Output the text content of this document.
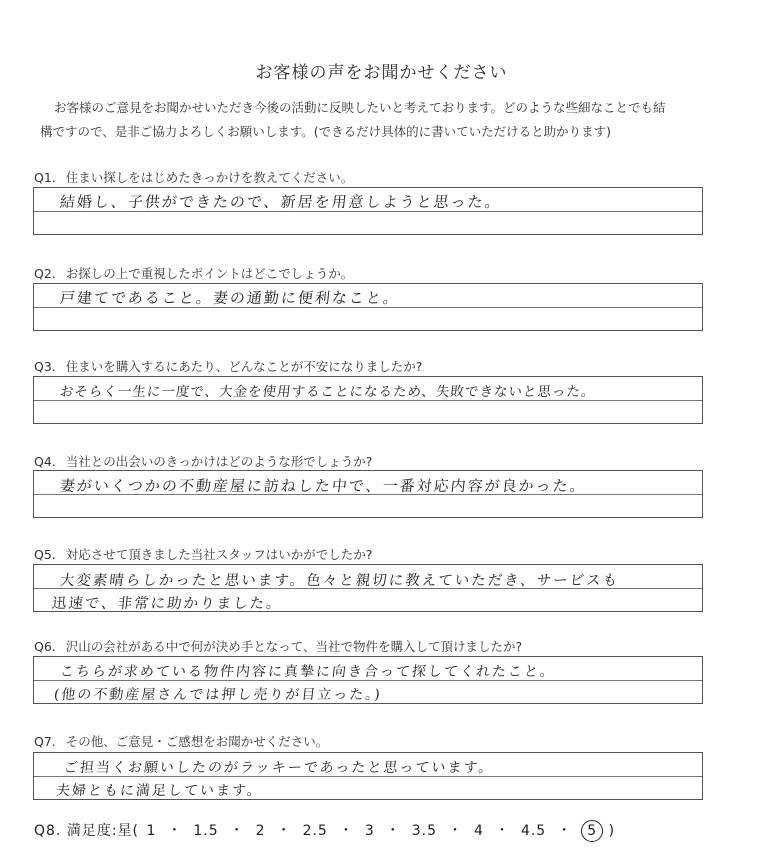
お客様の声をお聞かせください
お客様のご意見をお聞かせいただき今後の活動に反映したいと考えております。どのような些細なことでも結
構ですので、是非ご協力よろしくお願いします。(できるだけ具体的に書いていただけると助かります)
Q1. 住まい探しをはじめたきっかけを教えてください。
結婚し、子供ができたので、新居を用意しようと思った。
Q2. お探しの上で重視したポイントはどこでしょうか。
戸建てであること。妻の通勤に便利なこと。
Q3. 住まいを購入するにあたり、どんなことが不安になりましたか?
おそらく一生に一度で、大金を使用することになるため、失敗できないと思った。
Q4. 当社との出会いのきっかけはどのような形でしょうか?
妻がいくつかの不動産屋に訪ねした中で、一番対応内容が良かった。
Q5. 対応させて頂きました当社スタッフはいかがでしたか?
大変素晴らしかったと思います。色々と親切に教えていただき、サービスも
迅速で、非常に助かりました。
Q6. 沢山の会社がある中で何が決め手となって、当社で物件を購入して頂けましたか?
こちらが求めている物件内容に真摯に向き合って探してくれたこと。
(他の不動産屋さんでは押し売りが目立った。)
Q7. その他、ご意見・ご感想をお聞かせください。
ご担当くお願いしたのがラッキーであったと思っています。
夫婦ともに満足しています。
Q8. 満足度:星( 1 ・ 1.5 ・ 2 ・ 2.5 ・ 3 ・ 3.5 ・ 4 ・ 4.5 ・ 5 )
